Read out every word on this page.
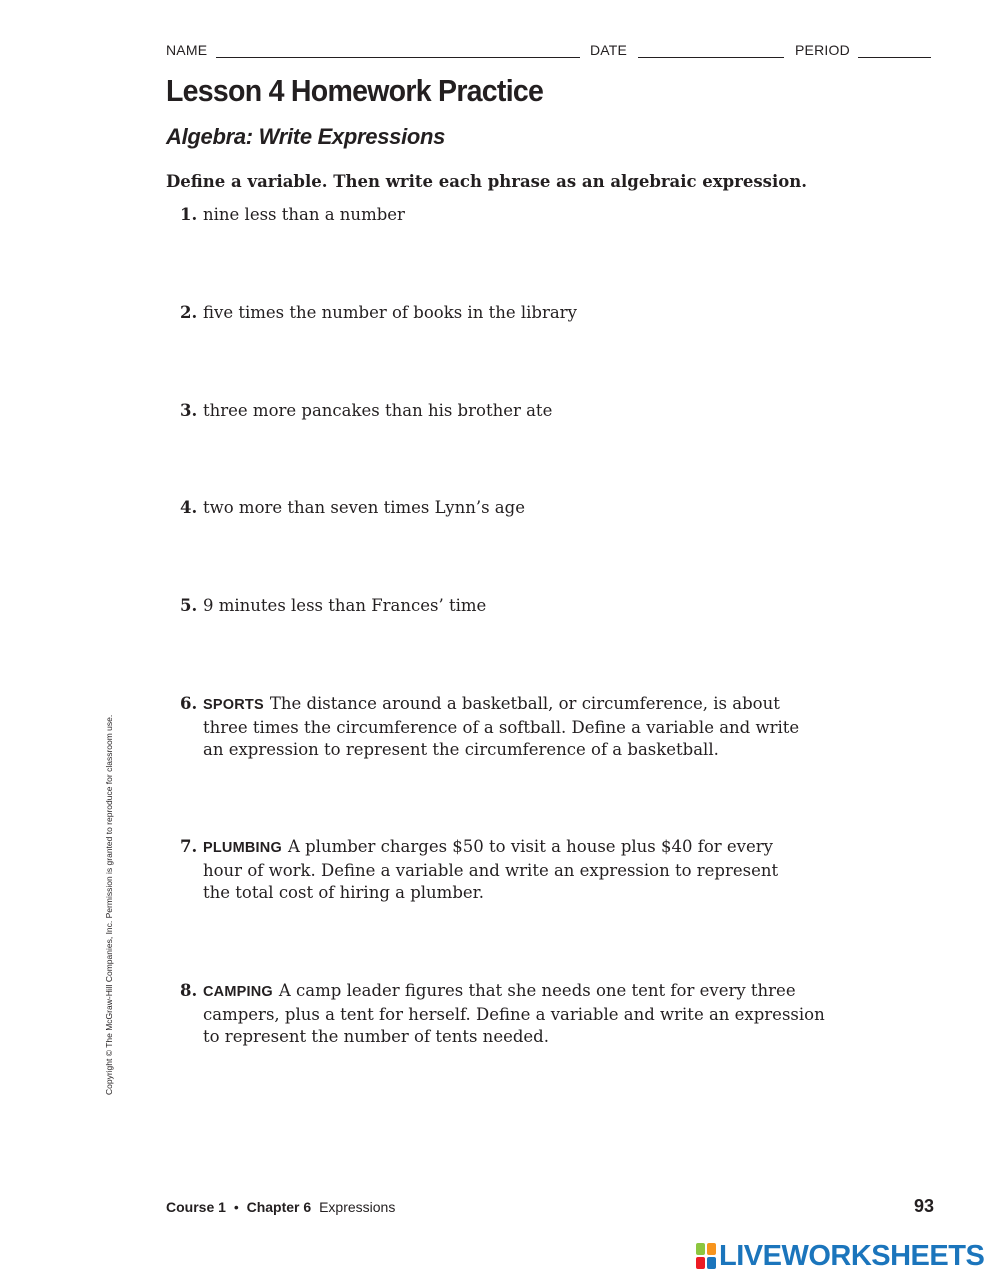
NAME	DATE	PERIOD
Lesson 4 Homework Practice
Algebra: Write Expressions
Define a variable. Then write each phrase as an algebraic expression.
1. nine less than a number
2. five times the number of books in the library
3. three more pancakes than his brother ate
4. two more than seven times Lynn’s age
5. 9 minutes less than Frances’ time
6. SPORTS The distance around a basketball, or circumference, is about three times the circumference of a softball. Define a variable and write an expression to represent the circumference of a basketball.
7. PLUMBING A plumber charges $50 to visit a house plus $40 for every hour of work. Define a variable and write an expression to represent the total cost of hiring a plumber.
8. CAMPING A camp leader figures that she needs one tent for every three campers, plus a tent for herself. Define a variable and write an expression to represent the number of tents needed.
Copyright © The McGraw-Hill Companies, Inc. Permission is granted to reproduce for classroom use.
Course 1 • Chapter 6 Expressions	93
LIVEWORKSHEETS
